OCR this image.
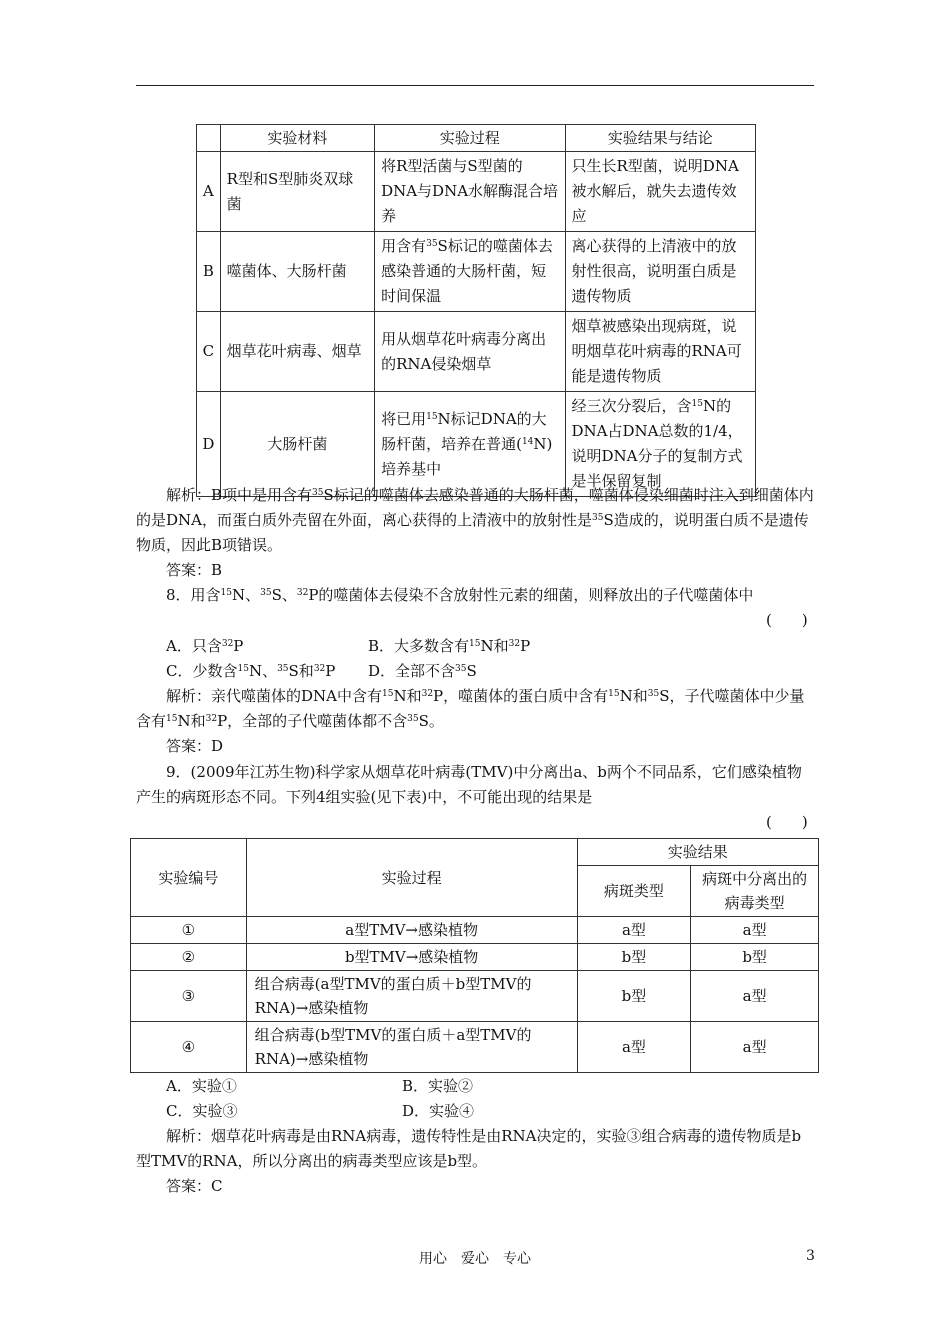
	实验材料	实验过程	实验结果与结论
A	R型和S型肺炎双球菌	将R型活菌与S型菌的DNA与DNA水解酶混合培养	只生长R型菌，说明DNA被水解后，就失去遗传效应
B	噬菌体、大肠杆菌	用含有$^{35}$S标记的噬菌体去感染普通的大肠杆菌，短时间保温	离心获得的上清液中的放射性很高，说明蛋白质是遗传物质
C	烟草花叶病毒、烟草	用从烟草花叶病毒分离出的RNA侵染烟草	烟草被感染出现病斑，说明烟草花叶病毒的RNA可能是遗传物质
D	大肠杆菌	将已用$^{15}$N标记DNA的大肠杆菌，培养在普通($^{14}$N)培养基中	经三次分裂后，含$^{15}$N的DNA占DNA总数的1/4，说明DNA分子的复制方式是半保留复制
解析：B项中是用含有$^{35}$S标记的噬菌体去感染普通的大肠杆菌，噬菌体侵染细菌时注入到细菌体内的是DNA，而蛋白质外壳留在外面，离心获得的上清液中的放射性是$^{35}$S造成的，说明蛋白质不是遗传物质，因此B项错误。
答案：B
8．用含$^{15}$N、$^{35}$S、$^{32}$P的噬菌体去侵染不含放射性元素的细菌，则释放出的子代噬菌体中
(　　)
A．只含$^{32}$P	B．大多数含有$^{15}$N和$^{32}$P
C．少数含$^{15}$N、$^{35}$S和$^{32}$P D．全部不含$^{35}$S
解析：亲代噬菌体的DNA中含有$^{15}$N和$^{32}$P，噬菌体的蛋白质中含有$^{15}$N和$^{35}$S，子代噬菌体中少量含有$^{15}$N和$^{32}$P，全部的子代噬菌体都不含$^{35}$S。
答案：D
9．(2009年江苏生物)科学家从烟草花叶病毒(TMV)中分离出a、b两个不同品系，它们感染植物产生的病斑形态不同。下列4组实验(见下表)中，不可能出现的结果是
(　　)
实验编号	实验过程	实验结果	
		病斑类型	病斑中分离出的病毒类型
①	a型TMV→感染植物	a型	a型
②	b型TMV→感染植物	b型	b型
③	组合病毒(a型TMV的蛋白质＋b型TMV的RNA)→感染植物	b型	a型
④	组合病毒(b型TMV的蛋白质＋a型TMV的RNA)→感染植物	a型	a型
A．实验①	B．实验②
C．实验③	D．实验④
解析：烟草花叶病毒是由RNA病毒，遗传特性是由RNA决定的，实验③组合病毒的遗传物质是b型TMV的RNA，所以分离出的病毒类型应该是b型。
答案：C
用心　爱心　专心	3
